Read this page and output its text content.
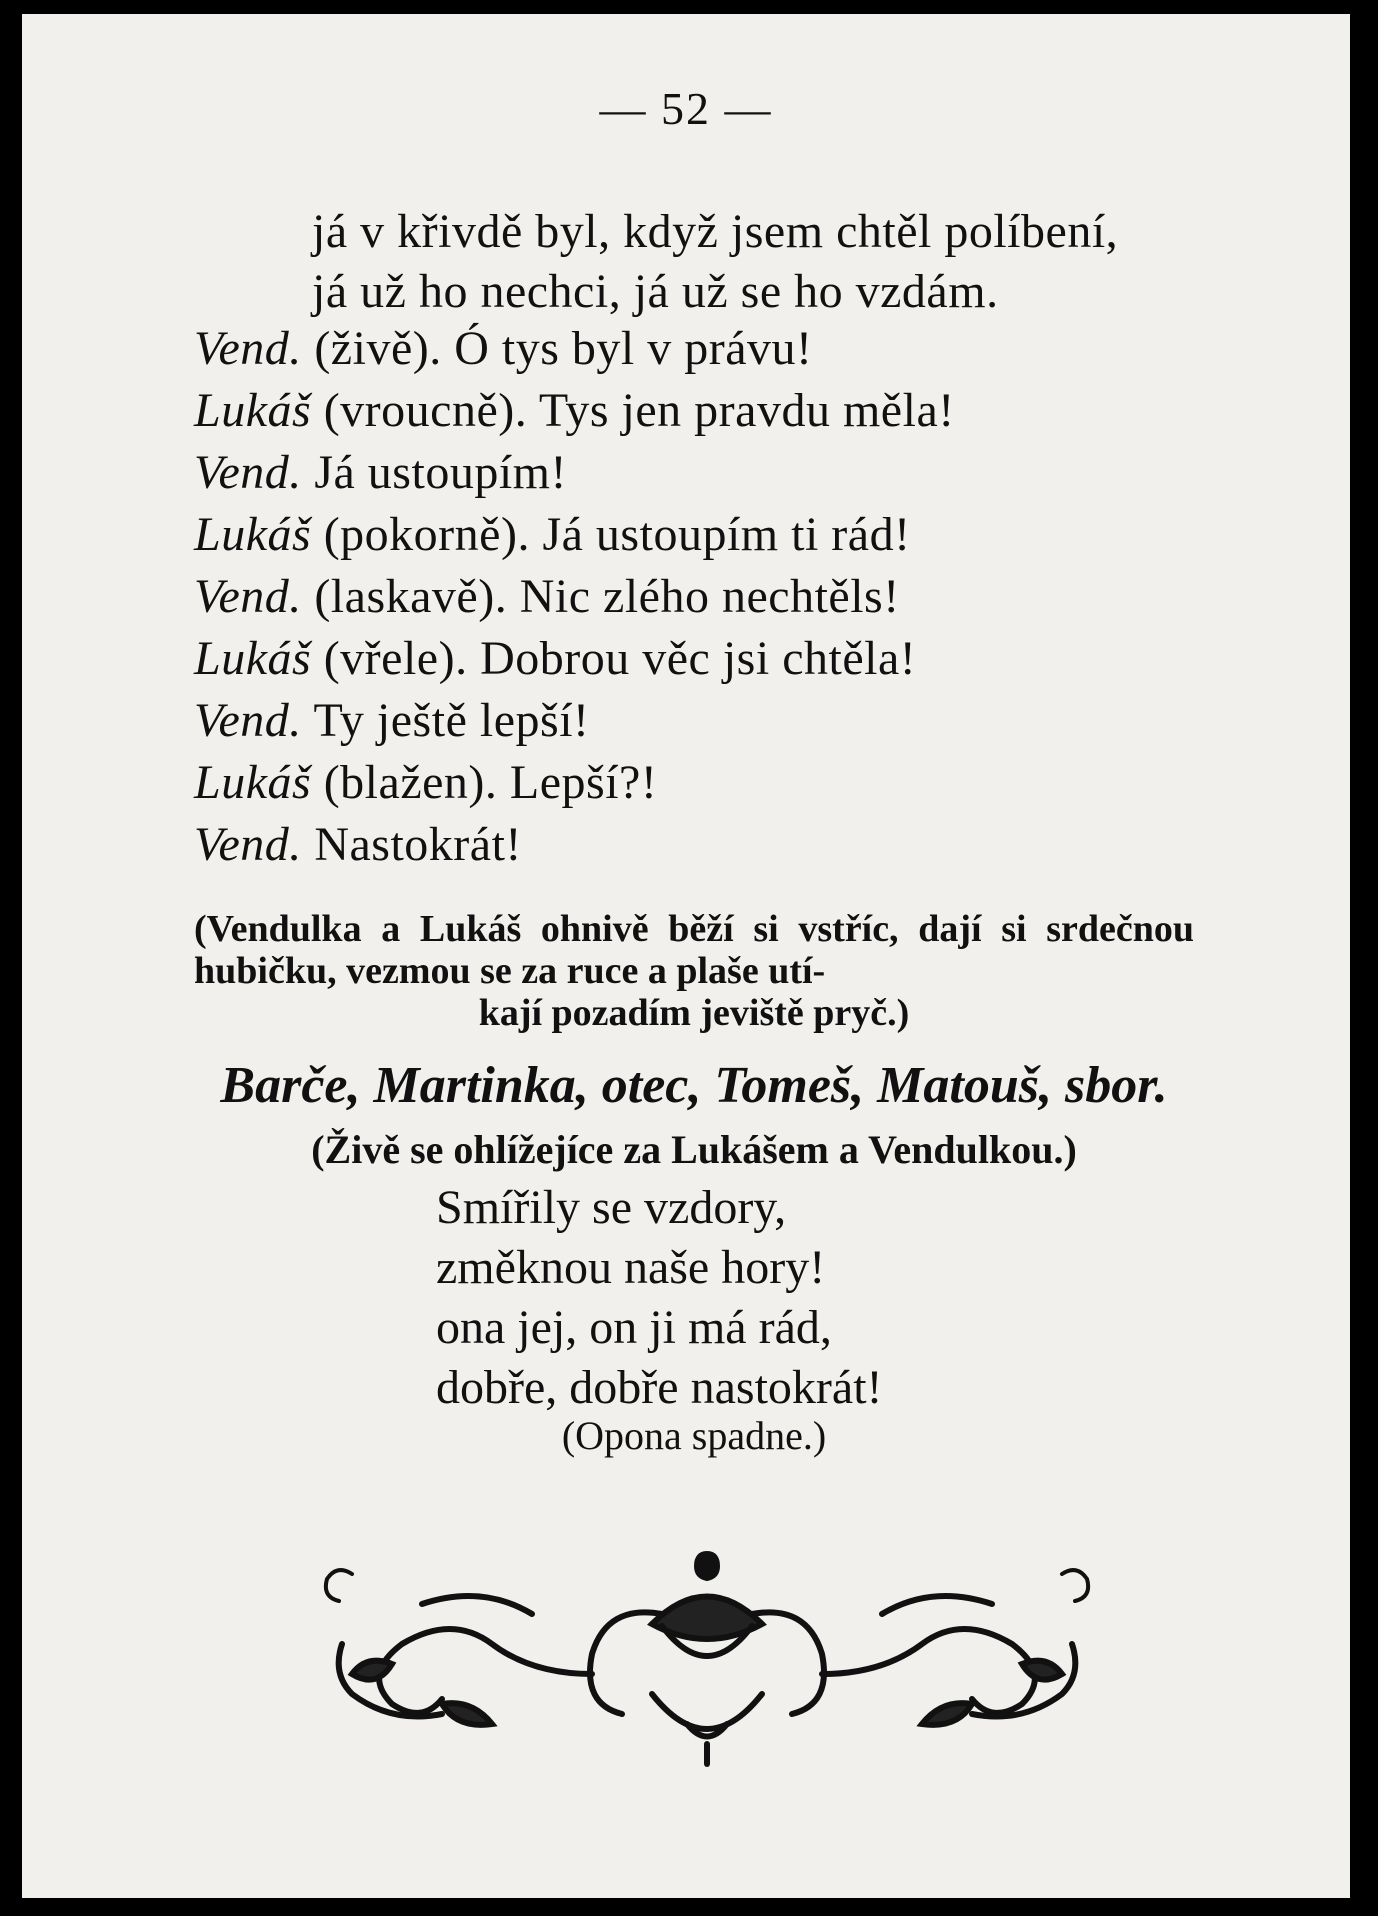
— 52 —
já v křivdě byl, když jsem chtěl políbení,
já už ho nechci, já už se ho vzdám.
Vend. (živě). Ó tys byl v právu!
Lukáš (vroucně). Tys jen pravdu měla!
Vend. Já ustoupím!
Lukáš (pokorně). Já ustoupím ti rád!
Vend. (laskavě). Nic zlého nechtěls!
Lukáš (vřele). Dobrou věc jsi chtěla!
Vend. Ty ještě lepší!
Lukáš (blažen). Lepší?!
Vend. Nastokrát!
(Vendulka a Lukáš ohnivě běží si vstříc, dají si srdečnou hubičku, vezmou se za ruce a plaše utí-
kají pozadím jeviště pryč.)
Barče, Martinka, otec, Tomeš, Matouš, sbor.
(Živě se ohlížejíce za Lukášem a Vendulkou.)
Smířily se vzdory,
změknou naše hory!
ona jej, on ji má rád,
dobře, dobře nastokrát!
(Opona spadne.)
